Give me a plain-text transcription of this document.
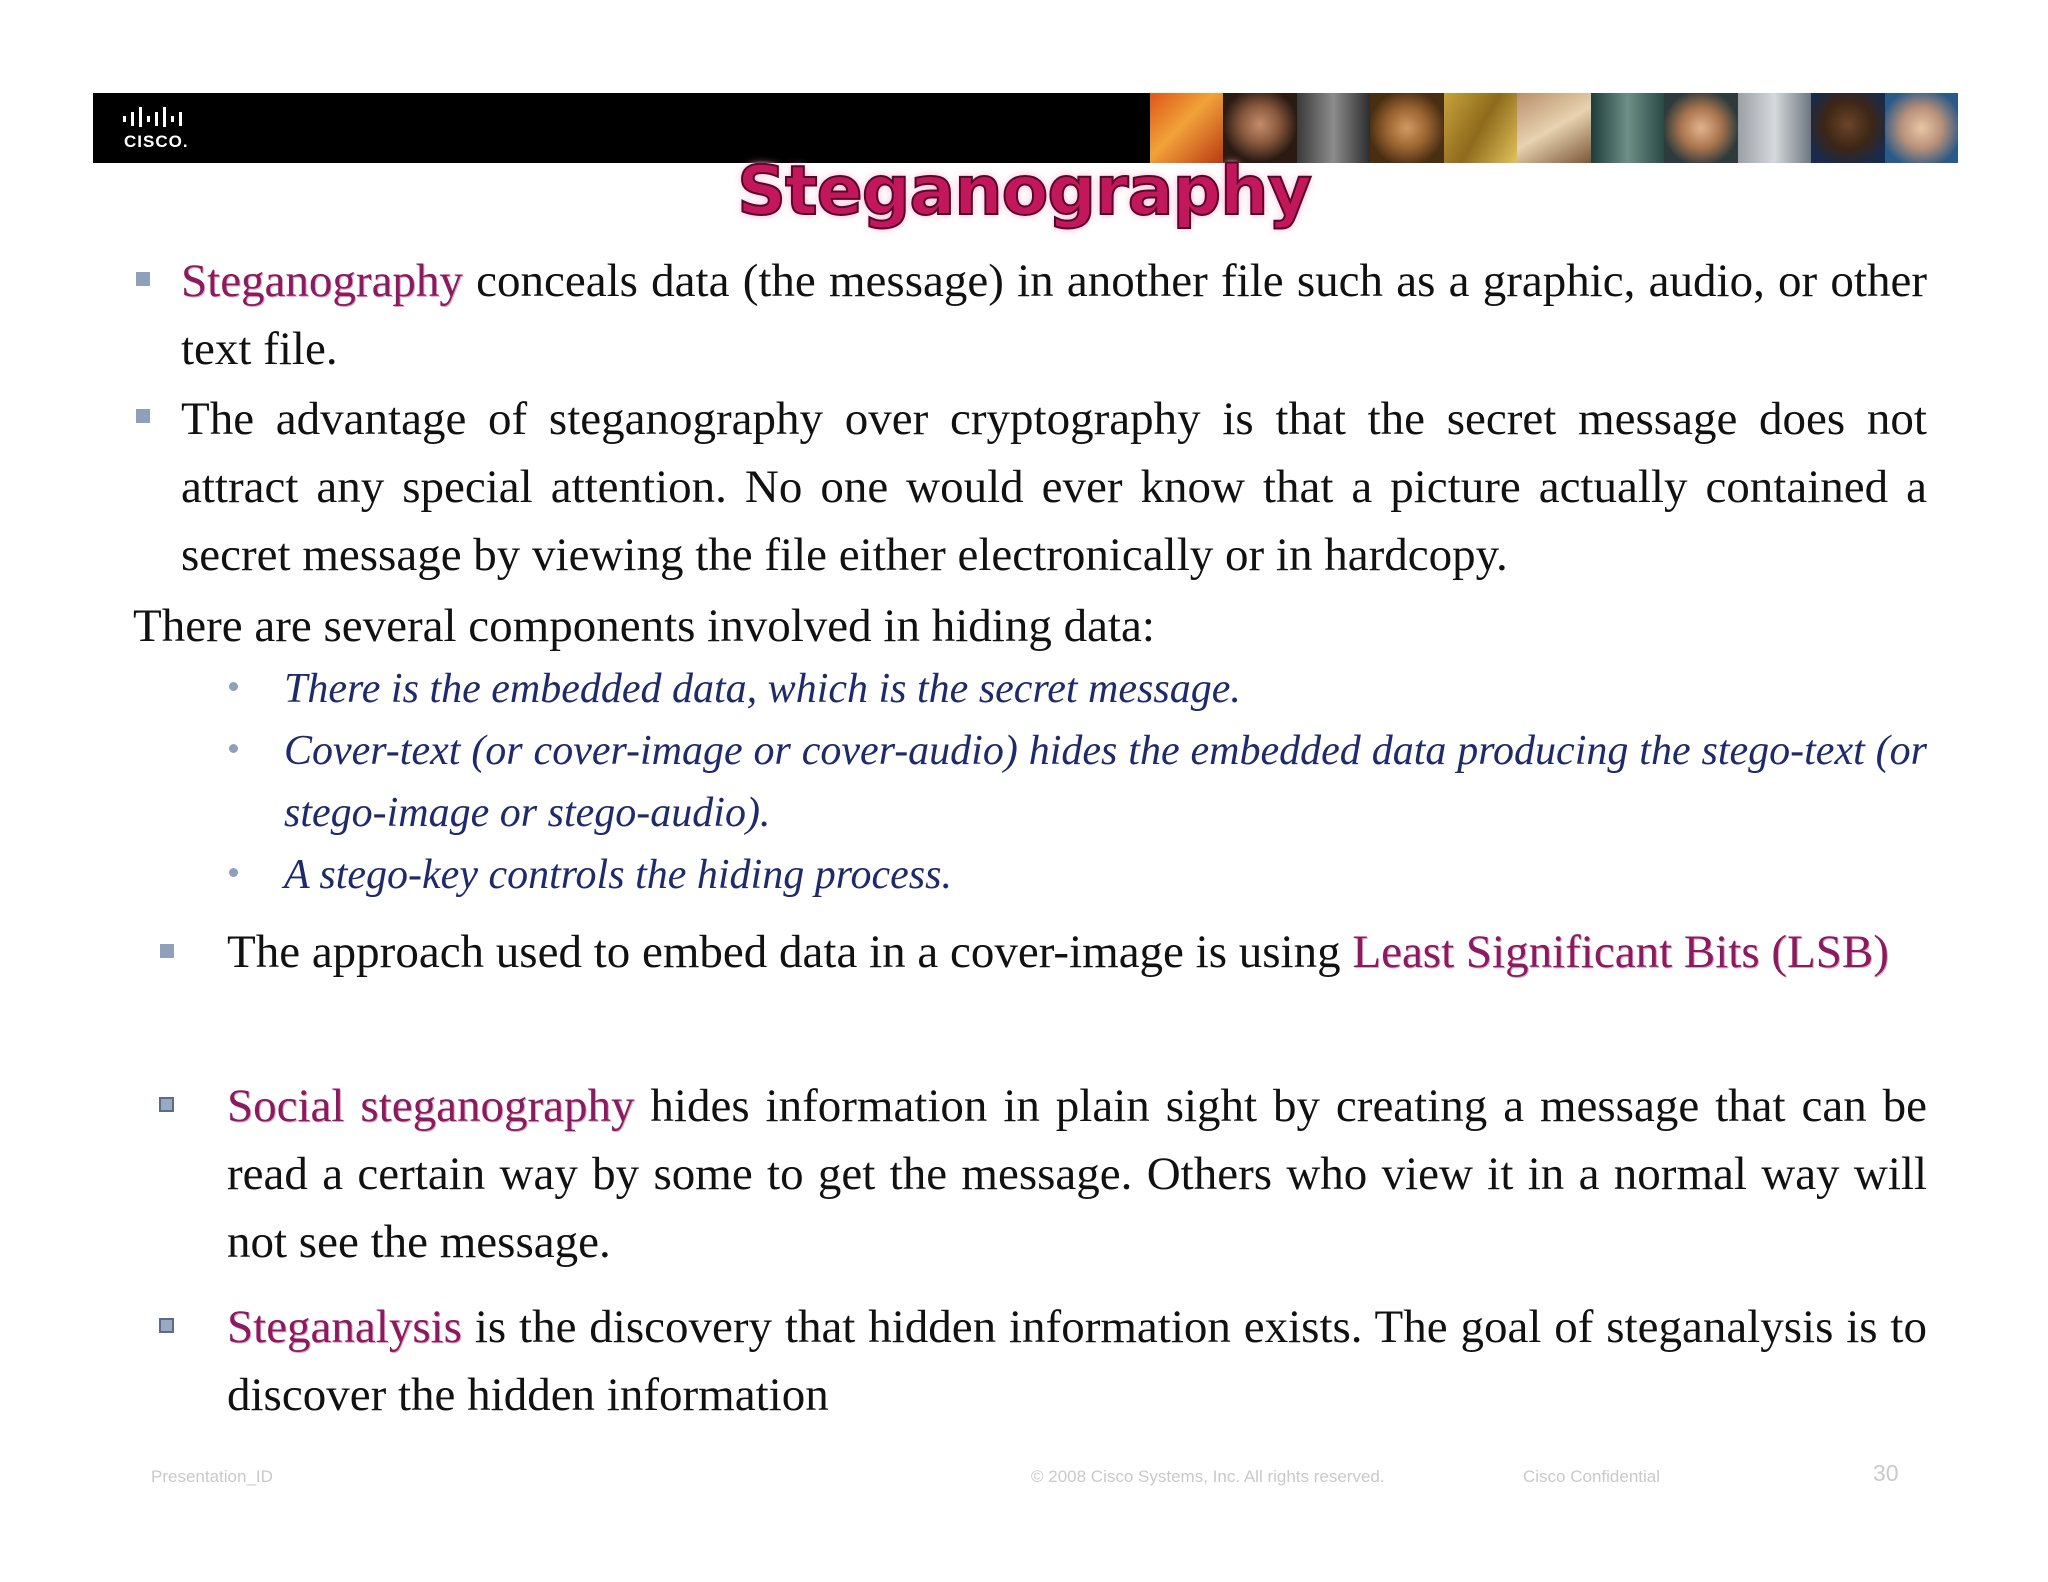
CISCO.
Steganography
Steganography conceals data (the message) in another file such as a graphic, audio, or other text file.
The advantage of steganography over cryptography is that the secret message does not attract any special attention. No one would ever know that a picture actually contained a secret message by viewing the file either electronically or in hardcopy.
There are several components involved in hiding data:
There is the embedded data, which is the secret message.
Cover-text (or cover-image or cover-audio) hides the embedded data producing the stego-text (or stego-image or stego-audio).
A stego-key controls the hiding process.
The approach used to embed data in a cover-image is using Least Significant Bits (LSB)
Social steganography hides information in plain sight by creating a message that can be read a certain way by some to get the message. Others who view it in a normal way will not see the message.
Steganalysis is the discovery that hidden information exists. The goal of steganalysis is to discover the hidden information
Presentation_ID	© 2008 Cisco Systems, Inc. All rights reserved.	Cisco Confidential	30
